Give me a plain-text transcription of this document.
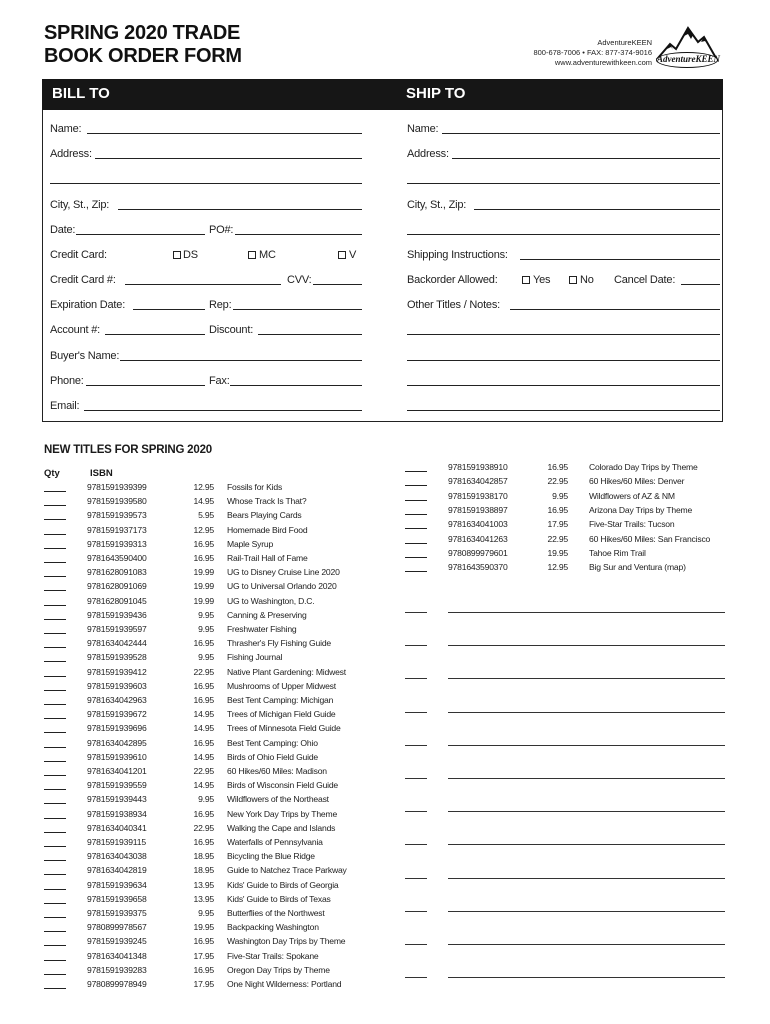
SPRING 2020 TRADE
BOOK ORDER FORM
AdventureKEEN
800-678-7006 • FAX: 877-374-9016
www.adventurewithkeen.com AdventureKEEN
BILL TO	SHIP TO
Name:
Address:
City, St., Zip:
Date:	PO#:
Credit Card:	DS	MC	V
Credit Card #:	CVV:
Expiration Date:	Rep:
Account #:	Discount:
Buyer's Name:
Phone:	Fax:
Email:
Name:
Address:
City, St., Zip:
Shipping Instructions:
Backorder Allowed:	Yes	No Cancel Date:
Other Titles / Notes:
NEW TITLES FOR SPRING 2020
Qty	ISBN
9781591939399	12.95 Fossils for Kids
9781591939580	14.95 Whose Track Is That?
9781591939573	5.95 Bears Playing Cards
9781591937173	12.95 Homemade Bird Food
9781591939313	16.95 Maple Syrup
9781643590400	16.95 Rail-Trail Hall of Fame
9781628091083	19.99 UG to Disney Cruise Line 2020
9781628091069	19.99 UG to Universal Orlando 2020
9781628091045	19.99 UG to Washington, D.C.
9781591939436	9.95 Canning & Preserving
9781591939597	9.95 Freshwater Fishing
9781634042444	16.95 Thrasher's Fly Fishing Guide
9781591939528	9.95 Fishing Journal
9781591939412	22.95 Native Plant Gardening: Midwest
9781591939603	16.95 Mushrooms of Upper Midwest
9781634042963	16.95 Best Tent Camping: Michigan
9781591939672	14.95 Trees of Michigan Field Guide
9781591939696	14.95 Trees of Minnesota Field Guide
9781634042895	16.95 Best Tent Camping: Ohio
9781591939610	14.95 Birds of Ohio Field Guide
9781634041201	22.95 60 Hikes/60 Miles: Madison
9781591939559	14.95 Birds of Wisconsin Field Guide
9781591939443	9.95 Wildflowers of the Northeast
9781591938934	16.95 New York Day Trips by Theme
9781634040341	22.95 Walking the Cape and Islands
9781591939115	16.95 Waterfalls of Pennsylvania
9781634043038	18.95 Bicycling the Blue Ridge
9781634042819	18.95 Guide to Natchez Trace Parkway
9781591939634	13.95 Kids' Guide to Birds of Georgia
9781591939658	13.95 Kids' Guide to Birds of Texas
9781591939375	9.95 Butterflies of the Northwest
9780899978567	19.95 Backpacking Washington
9781591939245	16.95 Washington Day Trips by Theme
9781634041348	17.95 Five-Star Trails: Spokane
9781591939283	16.95 Oregon Day Trips by Theme
9780899978949	17.95 One Night Wilderness: Portland
9781591938910	16.95 Colorado Day Trips by Theme
9781634042857	22.95 60 Hikes/60 Miles: Denver
9781591938170	9.95 Wildflowers of AZ & NM
9781591938897	16.95 Arizona Day Trips by Theme
9781634041003	17.95 Five-Star Trails: Tucson
9781634041263	22.95 60 Hikes/60 Miles: San Francisco
9780899979601	19.95 Tahoe Rim Trail
9781643590370	12.95 Big Sur and Ventura (map)
